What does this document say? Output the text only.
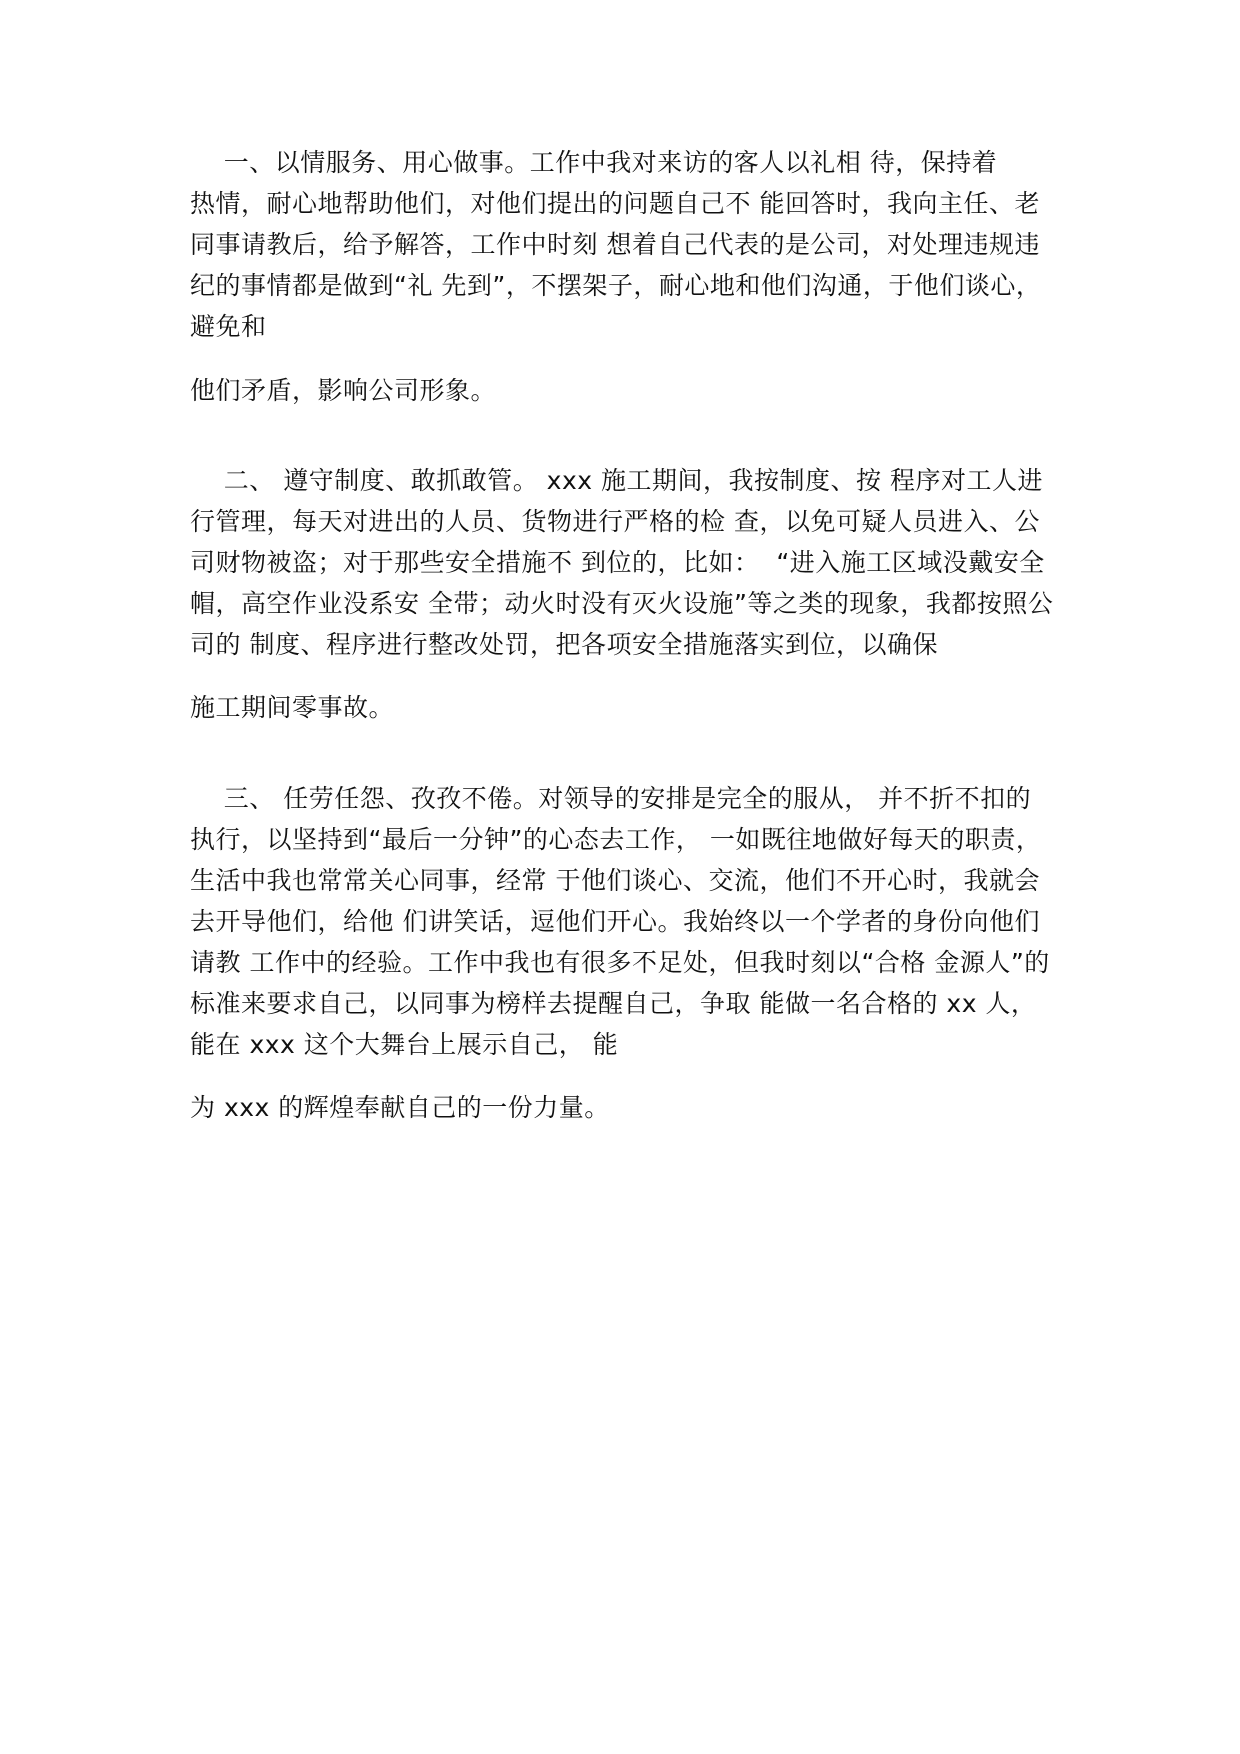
一、以情服务、用心做事。工作中我对来访的客人以礼相 待，保持着
热情，耐心地帮助他们，对他们提出的问题自己不 能回答时，我向主任、老
同事请教后，给予解答，工作中时刻 想着自己代表的是公司，对处理违规违
纪的事情都是做到“礼 先到”，不摆架子，耐心地和他们沟通，于他们谈心，
避免和
他们矛盾，影响公司形象。
二、 遵守制度、敢抓敢管。 xxx 施工期间，我按制度、按 程序对工人进
行管理，每天对进出的人员、货物进行严格的检 查，以免可疑人员进入、公
司财物被盗；对于那些安全措施不 到位的，比如：  “进入施工区域没戴安全
帽，高空作业没系安 全带；动火时没有灭火设施”等之类的现象，我都按照公
司的 制度、程序进行整改处罚，把各项安全措施落实到位，以确保
施工期间零事故。
三、 任劳任怨、孜孜不倦。对领导的安排是完全的服从， 并不折不扣的
执行，以坚持到“最后一分钟”的心态去工作， 一如既往地做好每天的职责，
生活中我也常常关心同事，经常 于他们谈心、交流，他们不开心时，我就会
去开导他们，给他 们讲笑话，逗他们开心。我始终以一个学者的身份向他们
请教 工作中的经验。工作中我也有很多不足处，但我时刻以“合格 金源人”的
标准来要求自己，以同事为榜样去提醒自己，争取 能做一名合格的 xx 人，
能在 xxx 这个大舞台上展示自己， 能
为 xxx 的辉煌奉献自己的一份力量。
